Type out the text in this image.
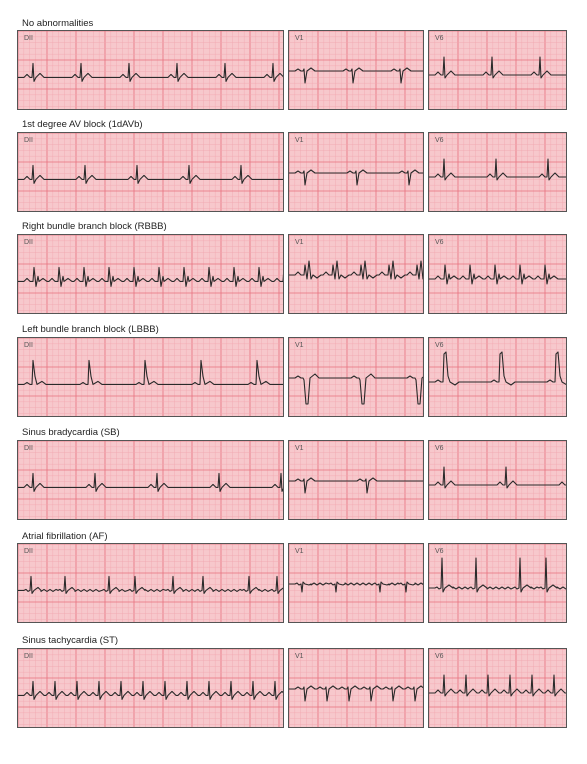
No abnormalities
DII	V1	V6
1st degree AV block (1dAVb)
DII	V1	V6
Right bundle branch block (RBBB)
DII	V1	V6
Left bundle branch block (LBBB)
DII	V1	V6
Sinus bradycardia (SB)
DII	V1	V6
Atrial fibrillation (AF)
DII	V1	V6
Sinus tachycardia (ST)
DII	V1	V6
